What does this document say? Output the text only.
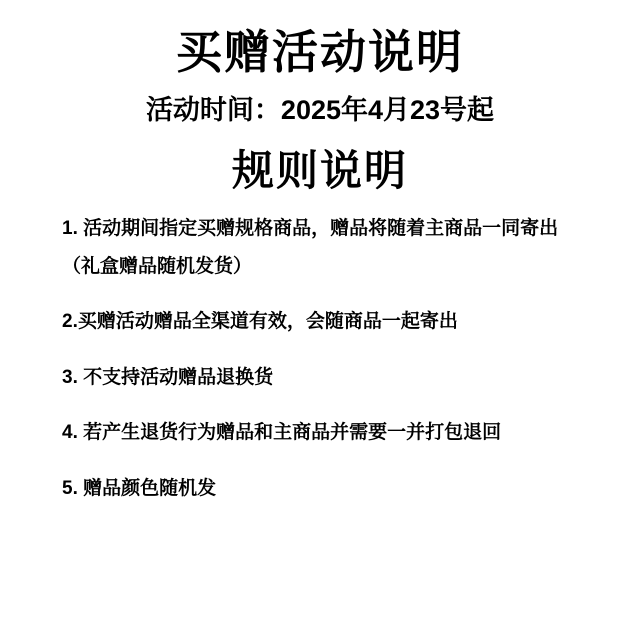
买赠活动说明
活动时间：2025年4月23号起
规则说明
1. 活动期间指定买赠规格商品，赠品将随着主商品一同寄出
（礼盒赠品随机发货）
2.买赠活动赠品全渠道有效，会随商品一起寄出
3. 不支持活动赠品退换货
4. 若产生退货行为赠品和主商品并需要一并打包退回
5. 赠品颜色随机发
